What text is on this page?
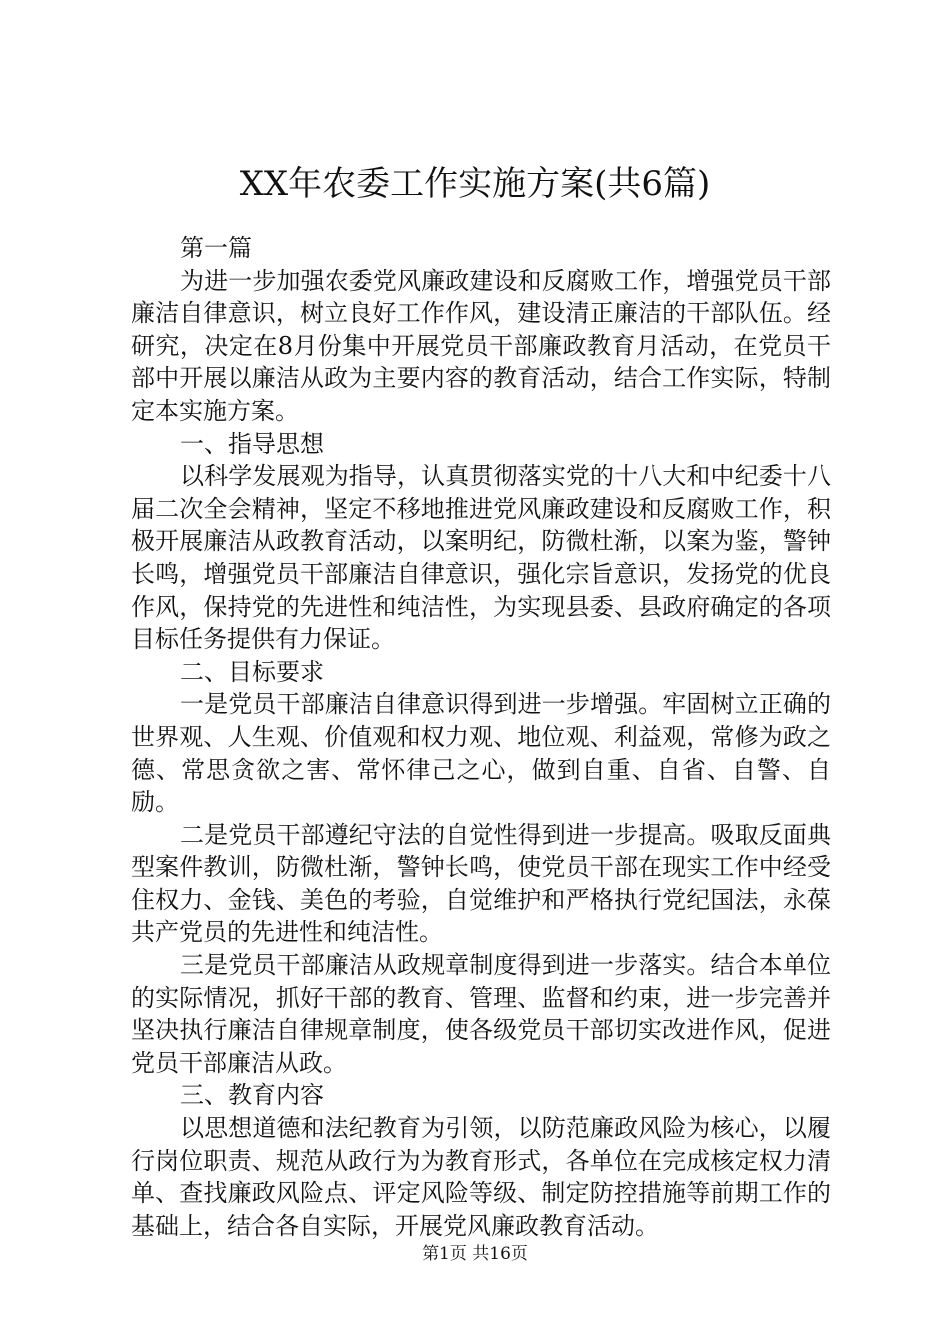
XX年农委工作实施方案(共6篇)

第一篇

为进一步加强农委党风廉政建设和反腐败工作，增强党员干部廉洁自律意识，树立良好工作作风，建设清正廉洁的干部队伍。经研究，决定在8月份集中开展党员干部廉政教育月活动，在党员干部中开展以廉洁从政为主要内容的教育活动，结合工作实际，特制定本实施方案。

一、指导思想

以科学发展观为指导，认真贯彻落实党的十八大和中纪委十八届二次全会精神，坚定不移地推进党风廉政建设和反腐败工作，积极开展廉洁从政教育活动，以案明纪，防微杜渐，以案为鉴，警钟长鸣，增强党员干部廉洁自律意识，强化宗旨意识，发扬党的优良作风，保持党的先进性和纯洁性，为实现县委、县政府确定的各项目标任务提供有力保证。

二、目标要求

一是党员干部廉洁自律意识得到进一步增强。牢固树立正确的世界观、人生观、价值观和权力观、地位观、利益观，常修为政之德、常思贪欲之害、常怀律己之心，做到自重、自省、自警、自励。

二是党员干部遵纪守法的自觉性得到进一步提高。吸取反面典型案件教训，防微杜渐，警钟长鸣，使党员干部在现实工作中经受住权力、金钱、美色的考验，自觉维护和严格执行党纪国法，永葆共产党员的先进性和纯洁性。

三是党员干部廉洁从政规章制度得到进一步落实。结合本单位的实际情况，抓好干部的教育、管理、监督和约束，进一步完善并坚决执行廉洁自律规章制度，使各级党员干部切实改进作风，促进党员干部廉洁从政。

三、教育内容

以思想道德和法纪教育为引领，以防范廉政风险为核心，以履行岗位职责、规范从政行为为教育形式，各单位在完成核定权力清单、查找廉政风险点、评定风险等级、制定防控措施等前期工作的基础上，结合各自实际，开展党风廉政教育活动。

第1页 共16页
